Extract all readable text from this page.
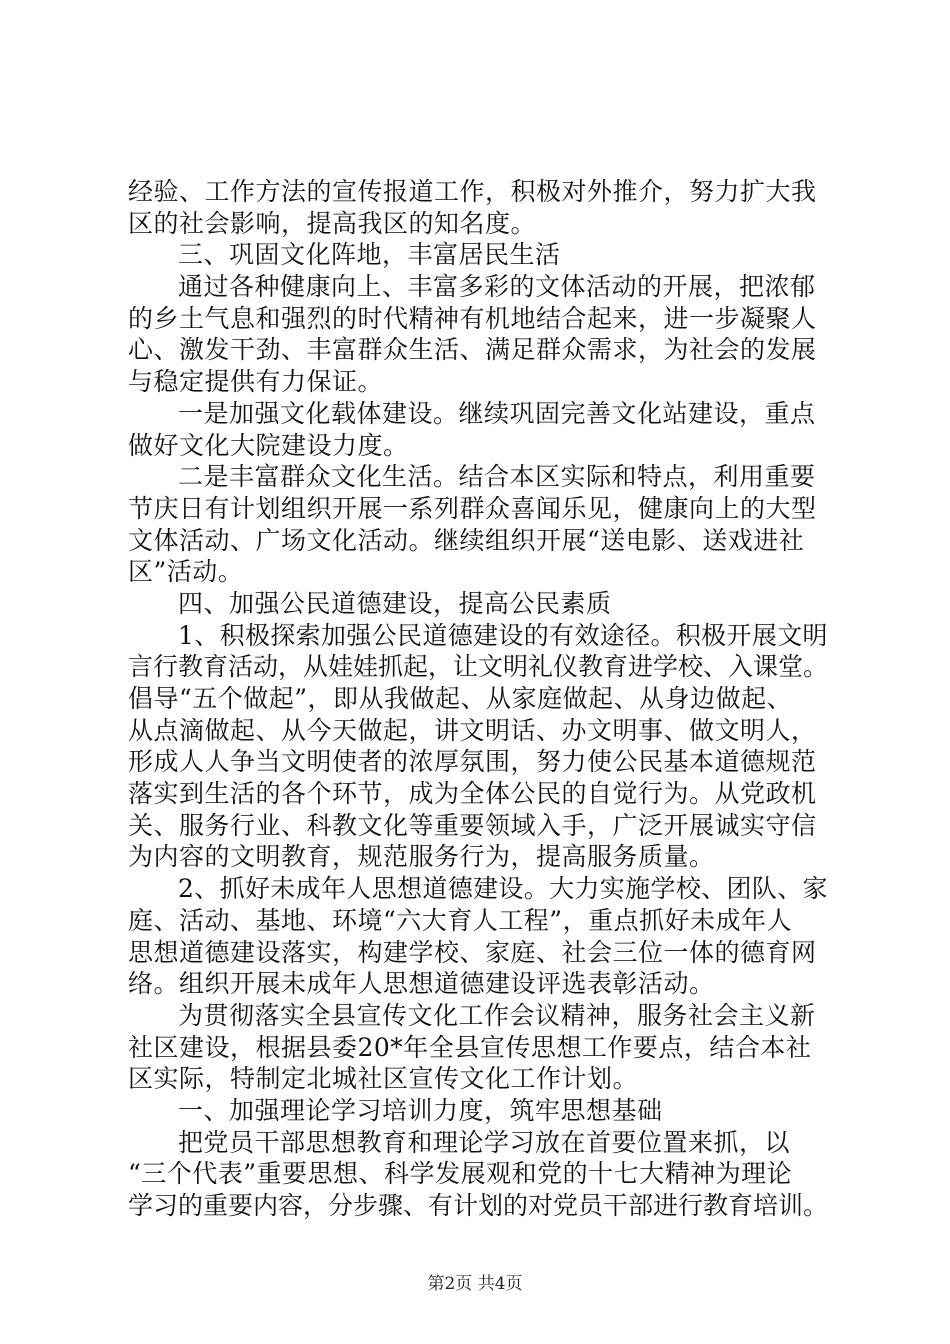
经验、工作方法的宣传报道工作，积极对外推介，努力扩大我
区的社会影响，提高我区的知名度。
三、巩固文化阵地，丰富居民生活
通过各种健康向上、丰富多彩的文体活动的开展，把浓郁
的乡土气息和强烈的时代精神有机地结合起来，进一步凝聚人
心、激发干劲、丰富群众生活、满足群众需求，为社会的发展
与稳定提供有力保证。
一是加强文化载体建设。继续巩固完善文化站建设，重点
做好文化大院建设力度。
二是丰富群众文化生活。结合本区实际和特点，利用重要
节庆日有计划组织开展一系列群众喜闻乐见，健康向上的大型
文体活动、广场文化活动。继续组织开展“送电影、送戏进社
区”活动。
四、加强公民道德建设，提高公民素质
1、积极探索加强公民道德建设的有效途径。积极开展文明
言行教育活动，从娃娃抓起，让文明礼仪教育进学校、入课堂。
倡导“五个做起”，即从我做起、从家庭做起、从身边做起、
从点滴做起、从今天做起，讲文明话、办文明事、做文明人，
形成人人争当文明使者的浓厚氛围，努力使公民基本道德规范
落实到生活的各个环节，成为全体公民的自觉行为。从党政机
关、服务行业、科教文化等重要领域入手，广泛开展诚实守信
为内容的文明教育，规范服务行为，提高服务质量。
2、抓好未成年人思想道德建设。大力实施学校、团队、家
庭、活动、基地、环境“六大育人工程”，重点抓好未成年人
思想道德建设落实，构建学校、家庭、社会三位一体的德育网
络。组织开展未成年人思想道德建设评选表彰活动。
为贯彻落实全县宣传文化工作会议精神，服务社会主义新
社区建设，根据县委20*年全县宣传思想工作要点，结合本社
区实际，特制定北城社区宣传文化工作计划。
一、加强理论学习培训力度，筑牢思想基础
把党员干部思想教育和理论学习放在首要位置来抓，以
“三个代表”重要思想、科学发展观和党的十七大精神为理论
学习的重要内容，分步骤、有计划的对党员干部进行教育培训。
第2页 共4页
